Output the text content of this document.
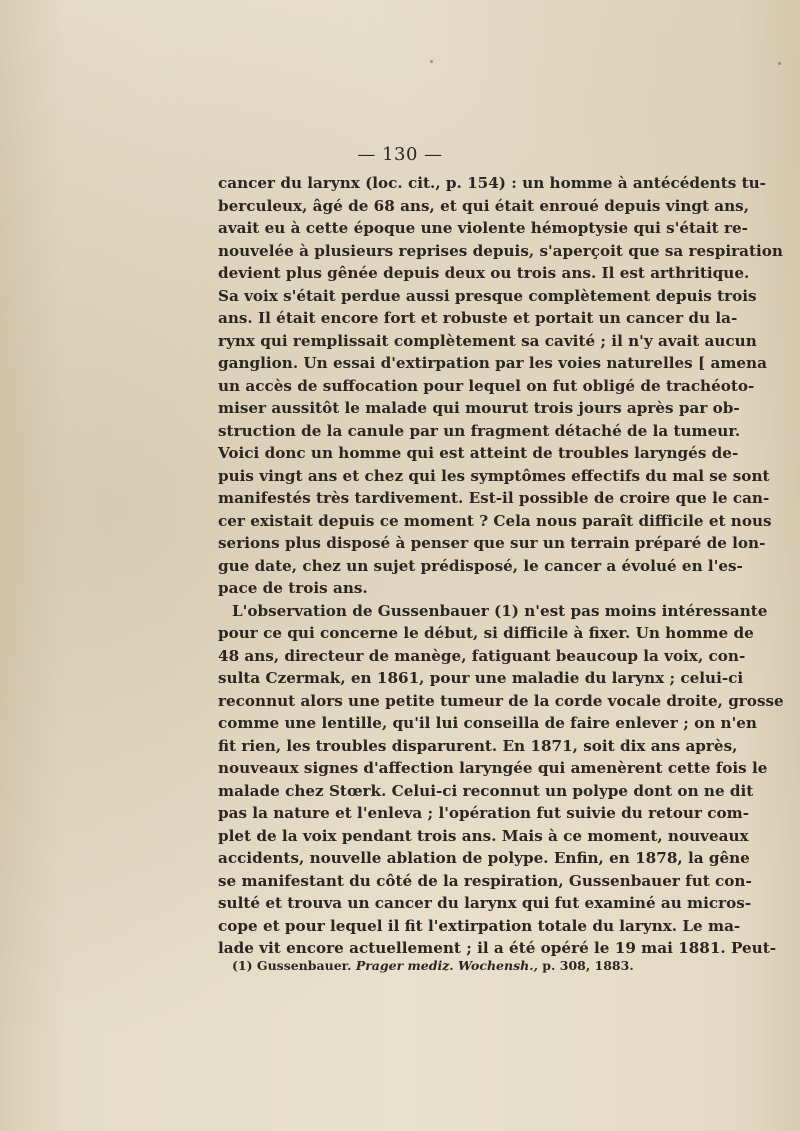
— 130 —
cancer du larynx (loc. cit., p. 154) : un homme à antécédents tu-
berculeux, âgé de 68 ans, et qui était enroué depuis vingt ans,
avait eu à cette époque une violente hémoptysie qui s'était re-
nouvelée à plusieurs reprises depuis, s'aperçoit que sa respiration
devient plus gênée depuis deux ou trois ans. Il est arthritique.
Sa voix s'était perdue aussi presque complètement depuis trois
ans. Il était encore fort et robuste et portait un cancer du la-
rynx qui remplissait complètement sa cavité ; il n'y avait aucun
ganglion. Un essai d'extirpation par les voies naturelles [ amena
un accès de suffocation pour lequel on fut obligé de trachéoto-
miser aussitôt le malade qui mourut trois jours après par ob-
struction de la canule par un fragment détaché de la tumeur.
Voici donc un homme qui est atteint de troubles laryngés de-
puis vingt ans et chez qui les symptômes effectifs du mal se sont
manifestés très tardivement. Est-il possible de croire que le can-
cer existait depuis ce moment ? Cela nous paraît difficile et nous
serions plus disposé à penser que sur un terrain préparé de lon-
gue date, chez un sujet prédisposé, le cancer a évolué en l'es-
pace de trois ans.
L'observation de Gussenbauer (1) n'est pas moins intéressante
pour ce qui concerne le début, si difficile à fixer. Un homme de
48 ans, directeur de manège, fatiguant beaucoup la voix, con-
sulta Czermak, en 1861, pour une maladie du larynx ; celui-ci
reconnut alors une petite tumeur de la corde vocale droite, grosse
comme une lentille, qu'il lui conseilla de faire enlever ; on n'en
fit rien, les troubles disparurent. En 1871, soit dix ans après,
nouveaux signes d'affection laryngée qui amenèrent cette fois le
malade chez Stœrk. Celui-ci reconnut un polype dont on ne dit
pas la nature et l'enleva ; l'opération fut suivie du retour com-
plet de la voix pendant trois ans. Mais à ce moment, nouveaux
accidents, nouvelle ablation de polype. Enfin, en 1878, la gêne
se manifestant du côté de la respiration, Gussenbauer fut con-
sulté et trouva un cancer du larynx qui fut examiné au micros-
cope et pour lequel il fit l'extirpation totale du larynx. Le ma-
lade vit encore actuellement ; il a été opéré le 19 mai 1881. Peut-
(1) Gussenbauer. Prager mediz. Wochensh., p. 308, 1883.
